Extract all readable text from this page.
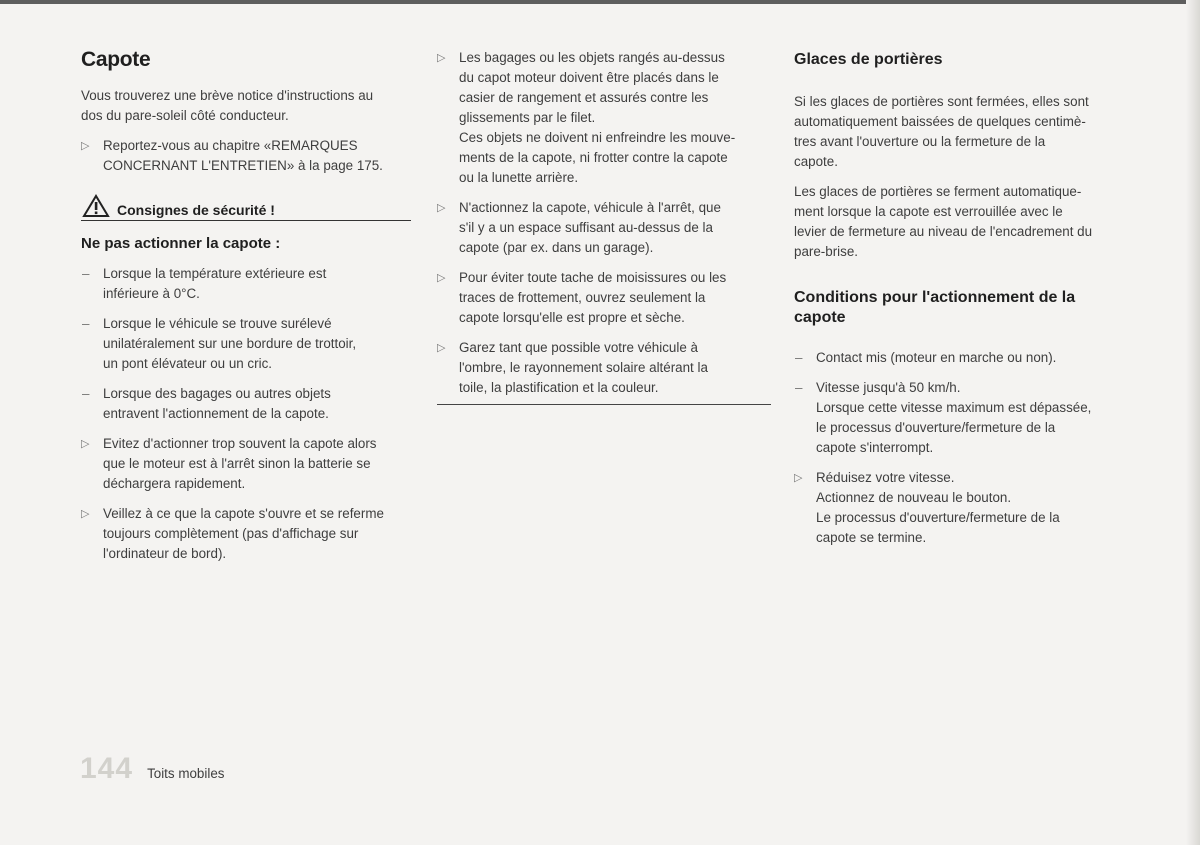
Capote

Vous trouverez une brève notice d'instructions au
dos du pare-soleil côté conducteur.

▷ Reportez-vous au chapitre «REMARQUES
CONCERNANT L'ENTRETIEN» à la page 175.
Consignes de sécurité !
Ne pas actionner la capote :
– Lorsque la température extérieure est
inférieure à 0°C.
– Lorsque le véhicule se trouve surélevé
unilatéralement sur une bordure de trottoir,
un pont élévateur ou un cric.
– Lorsque des bagages ou autres objets
entravent l'actionnement de la capote.
▷ Evitez d'actionner trop souvent la capote alors
que le moteur est à l'arrêt sinon la batterie se
déchargera rapidement.
▷ Veillez à ce que la capote s'ouvre et se referme
toujours complètement (pas d'affichage sur
l'ordinateur de bord).
▷ Les bagages ou les objets rangés au-dessus
du capot moteur doivent être placés dans le
casier de rangement et assurés contre les
glissements par le filet.
Ces objets ne doivent ni enfreindre les mouve-
ments de la capote, ni frotter contre la capote
ou la lunette arrière.
▷ N'actionnez la capote, véhicule à l'arrêt, que
s'il y a un espace suffisant au-dessus de la
capote (par ex. dans un garage).
▷ Pour éviter toute tache de moisissures ou les
traces de frottement, ouvrez seulement la
capote lorsqu'elle est propre et sèche.
▷ Garez tant que possible votre véhicule à
l'ombre, le rayonnement solaire altérant la
toile, la plastification et la couleur.
Glaces de portières

Si les glaces de portières sont fermées, elles sont
automatiquement baissées de quelques centimè-
tres avant l'ouverture ou la fermeture de la
capote.

Les glaces de portières se ferment automatique-
ment lorsque la capote est verrouillée avec le
levier de fermeture au niveau de l'encadrement du
pare-brise.

Conditions pour l'actionnement de la
capote
– Contact mis (moteur en marche ou non).
– Vitesse jusqu'à 50 km/h.
Lorsque cette vitesse maximum est dépassée,
le processus d'ouverture/fermeture de la
capote s'interrompt.
▷ Réduisez votre vitesse.
Actionnez de nouveau le bouton.
Le processus d'ouverture/fermeture de la
capote se termine.
144 Toits mobiles
